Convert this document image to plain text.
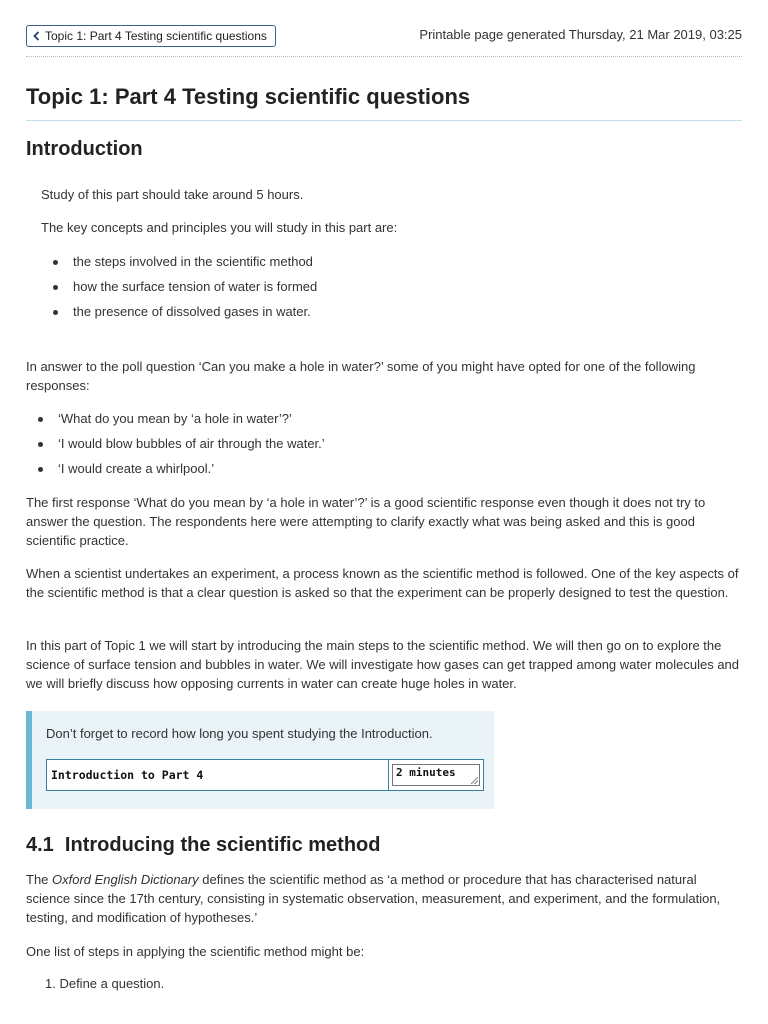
Topic 1: Part 4 Testing scientific questions	Printable page generated Thursday, 21 Mar 2019, 03:25
Topic 1: Part 4 Testing scientific questions
Introduction
Study of this part should take around 5 hours.
The key concepts and principles you will study in this part are:
the steps involved in the scientific method
how the surface tension of water is formed
the presence of dissolved gases in water.
In answer to the poll question ‘Can you make a hole in water?’ some of you might have opted for one of the following responses:
‘What do you mean by ‘a hole in water’?’
‘I would blow bubbles of air through the water.’
‘I would create a whirlpool.’
The first response ‘What do you mean by ‘a hole in water’?’ is a good scientific response even though it does not try to answer the question. The respondents here were attempting to clarify exactly what was being asked and this is good scientific practice.
When a scientist undertakes an experiment, a process known as the scientific method is followed. One of the key aspects of the scientific method is that a clear question is asked so that the experiment can be properly designed to test the question.
In this part of Topic 1 we will start by introducing the main steps to the scientific method. We will then go on to explore the science of surface tension and bubbles in water. We will investigate how gases can get trapped among water molecules and we will briefly discuss how opposing currents in water can create huge holes in water.
Don’t forget to record how long you spent studying the Introduction.
Introduction to Part 4	2 minutes
4.1  Introducing the scientific method
The Oxford English Dictionary defines the scientific method as ‘a method or procedure that has characterised natural science since the 17th century, consisting in systematic observation, measurement, and experiment, and the formulation, testing, and modification of hypotheses.’
One list of steps in applying the scientific method might be:
1. Define a question.
